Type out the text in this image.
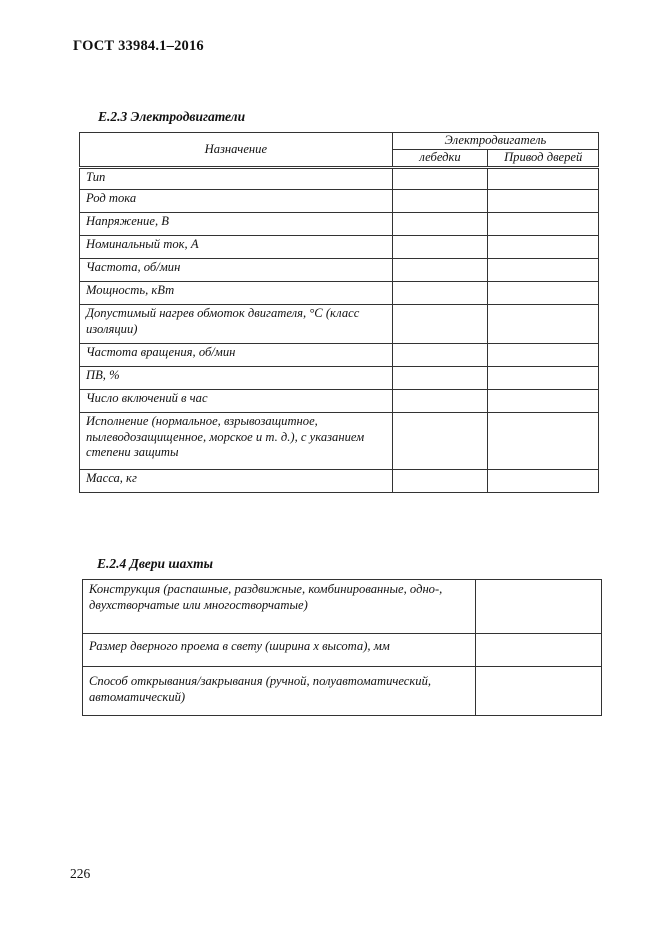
ГОСТ 33984.1–2016
Е.2.3 Электродвигатели
Назначение	Электродвигатель	
	лебедки	Привод дверей
Тип		
Род тока		
Напряжение, В		
Номинальный ток, А		
Частота, об/мин		
Мощность, кВт		
Допустимый нагрев обмоток двигателя, °С (класс изоляции)		
Частота вращения, об/мин		
ПВ, %		
Число включений в час		
Исполнение (нормальное, взрывозащитное, пылеводозащищенное, морское и т. д.), с указанием степени защиты		
Масса, кг		
Е.2.4 Двери шахты
Конструкция (распашные, раздвижные, комбинированные, одно-, двухстворчатые или многостворчатые)	
Размер дверного проема в свету (ширина х высота), мм	
Способ открывания/закрывания (ручной, полуавтоматический, автоматический)	
226
